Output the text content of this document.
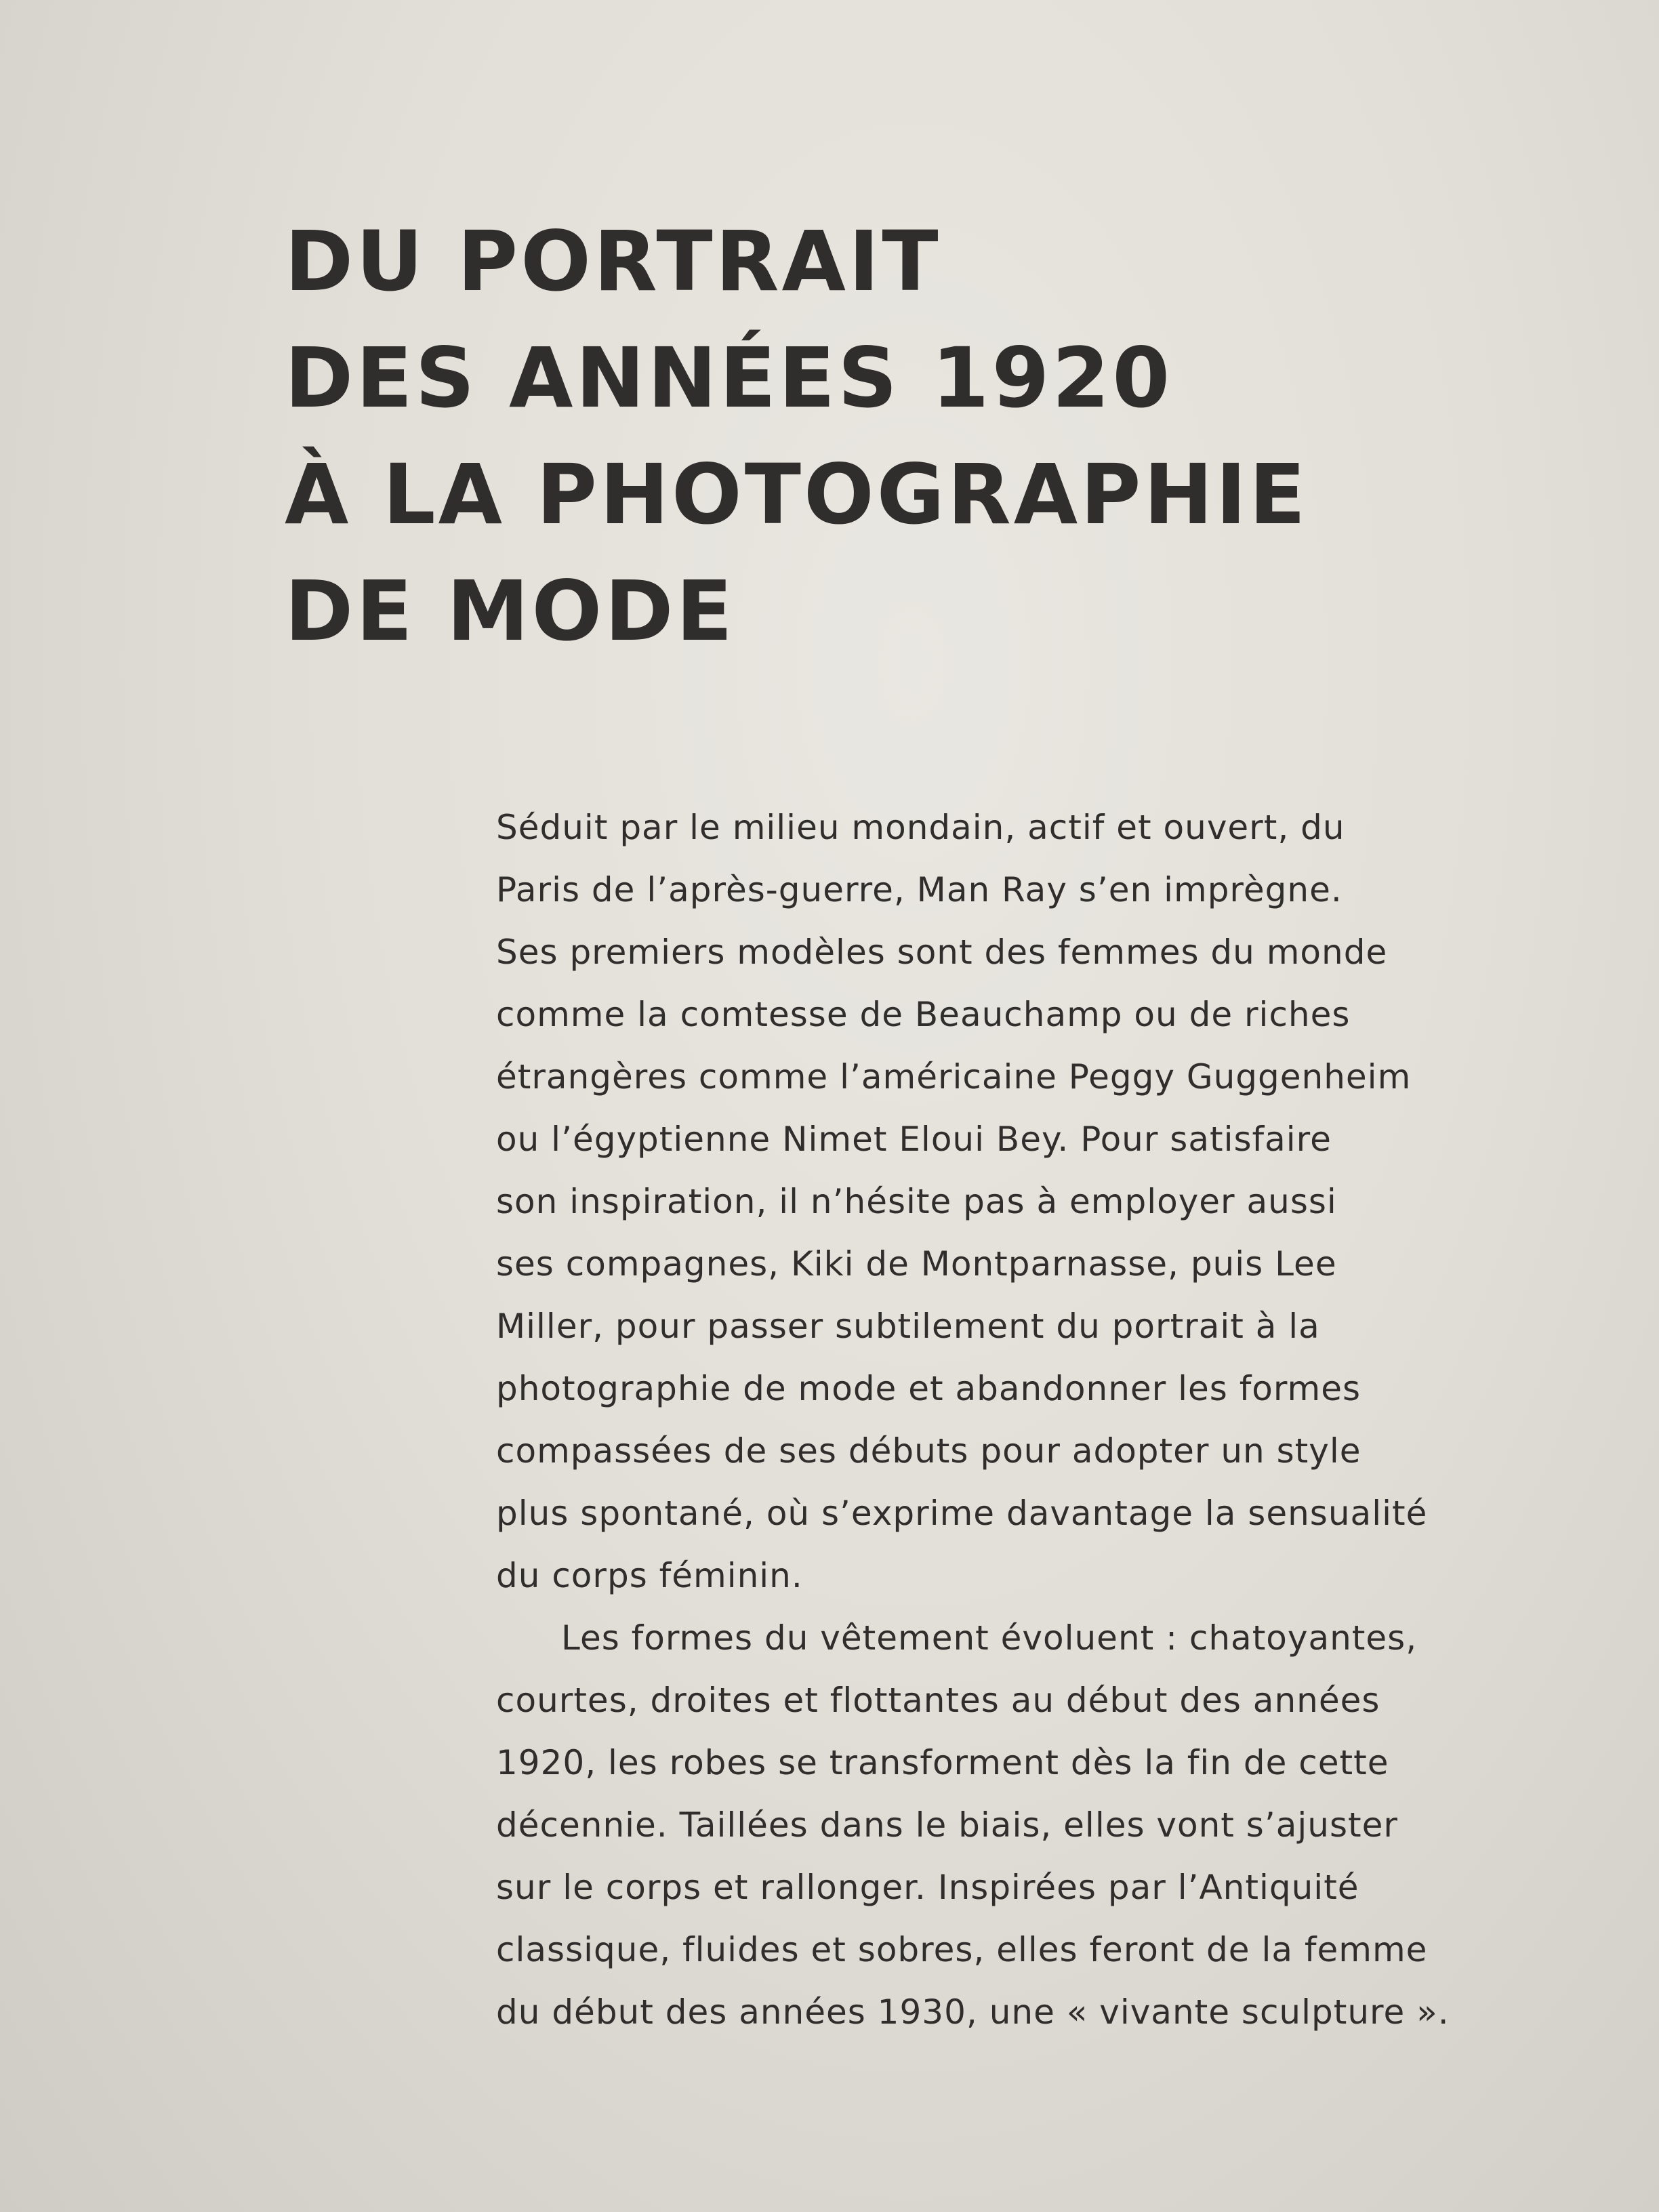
DU PORTRAIT
DES ANNÉES 1920
À LA PHOTOGRAPHIE
DE MODE
Séduit par le milieu mondain, actif et ouvert, du
Paris de l’après-guerre, Man Ray s’en imprègne.
Ses premiers modèles sont des femmes du monde
comme la comtesse de Beauchamp ou de riches
étrangères comme l’américaine Peggy Guggenheim
ou l’égyptienne Nimet Eloui Bey. Pour satisfaire
son inspiration, il n’hésite pas à employer aussi
ses compagnes, Kiki de Montparnasse, puis Lee
Miller, pour passer subtilement du portrait à la
photographie de mode et abandonner les formes
compassées de ses débuts pour adopter un style
plus spontané, où s’exprime davantage la sensualité
du corps féminin.
Les formes du vêtement évoluent : chatoyantes,
courtes, droites et flottantes au début des années
1920, les robes se transforment dès la fin de cette
décennie. Taillées dans le biais, elles vont s’ajuster
sur le corps et rallonger. Inspirées par l’Antiquité
classique, fluides et sobres, elles feront de la femme
du début des années 1930, une « vivante sculpture ».
